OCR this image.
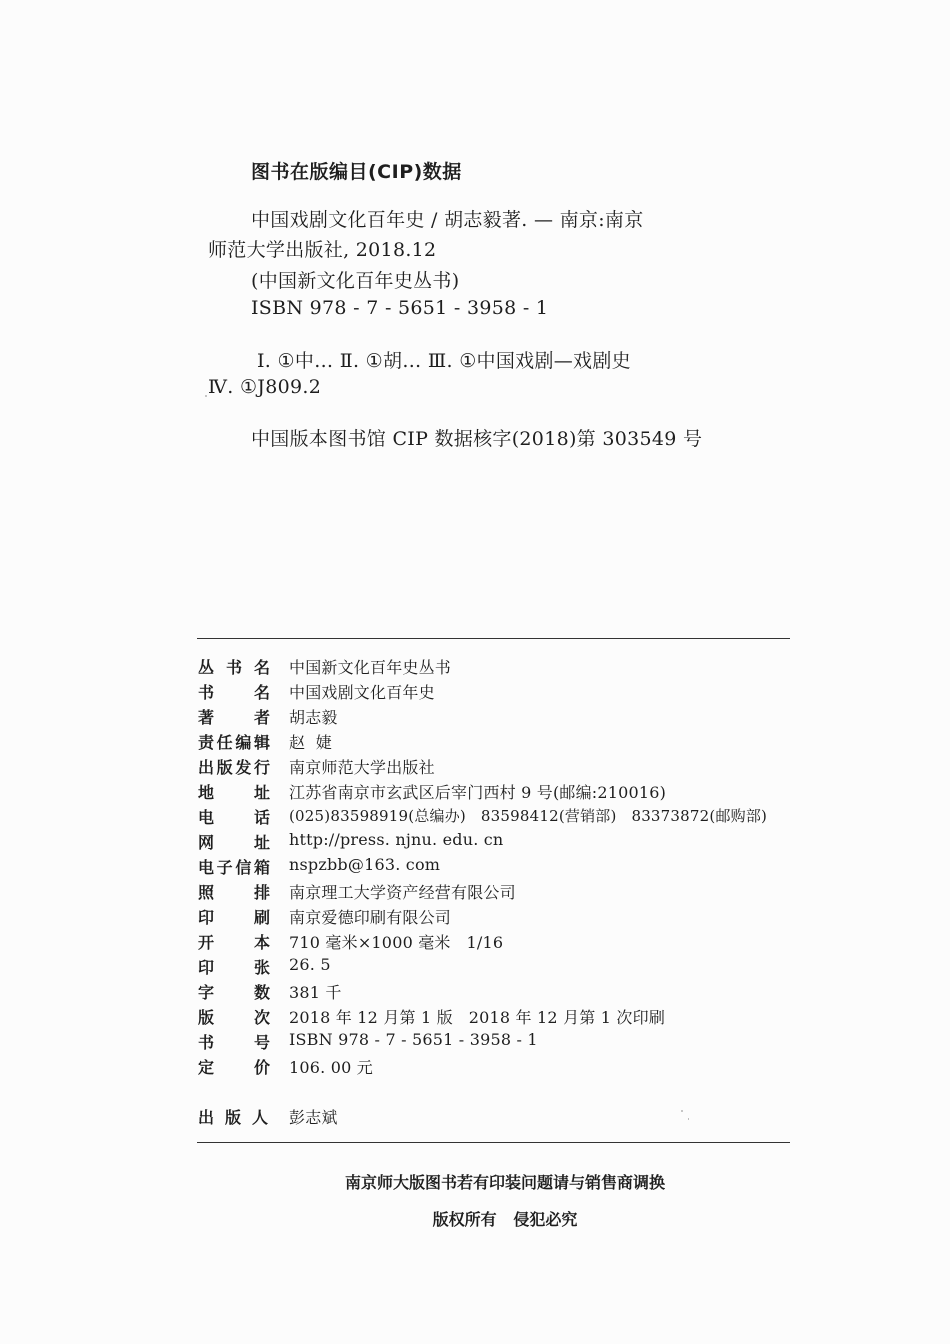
图书在版编目(CIP)数据
中国戏剧文化百年史 / 胡志毅著. — 南京:南京
师范大学出版社, 2018.12
(中国新文化百年史丛书)
ISBN 978 - 7 - 5651 - 3958 - 1
Ⅰ. ①中… Ⅱ. ①胡… Ⅲ. ①中国戏剧—戏剧史
Ⅳ. ①J809.2
中国版本图书馆 CIP 数据核字(2018)第 303549 号
丛书名 中国新文化百年史丛书
书名 中国戏剧文化百年史
著者 胡志毅
责任编辑 赵  婕
出版发行 南京师范大学出版社
地址 江苏省南京市玄武区后宰门西村 9 号(邮编:210016)
电话 (025)83598919(总编办)   83598412(营销部)   83373872(邮购部)
网址 http://press. njnu. edu. cn
电子信箱 nspzbb@163. com
照排 南京理工大学资产经营有限公司
印刷 南京爱德印刷有限公司
开本 710 毫米×1000 毫米   1/16
印张 26. 5
字数 381 千
版次 2018 年 12 月第 1 版   2018 年 12 月第 1 次印刷
书号 ISBN 978 - 7 - 5651 - 3958 - 1
定价 106. 00 元
出版人 彭志斌
南京师大版图书若有印装问题请与销售商调换
版权所有   侵犯必究
